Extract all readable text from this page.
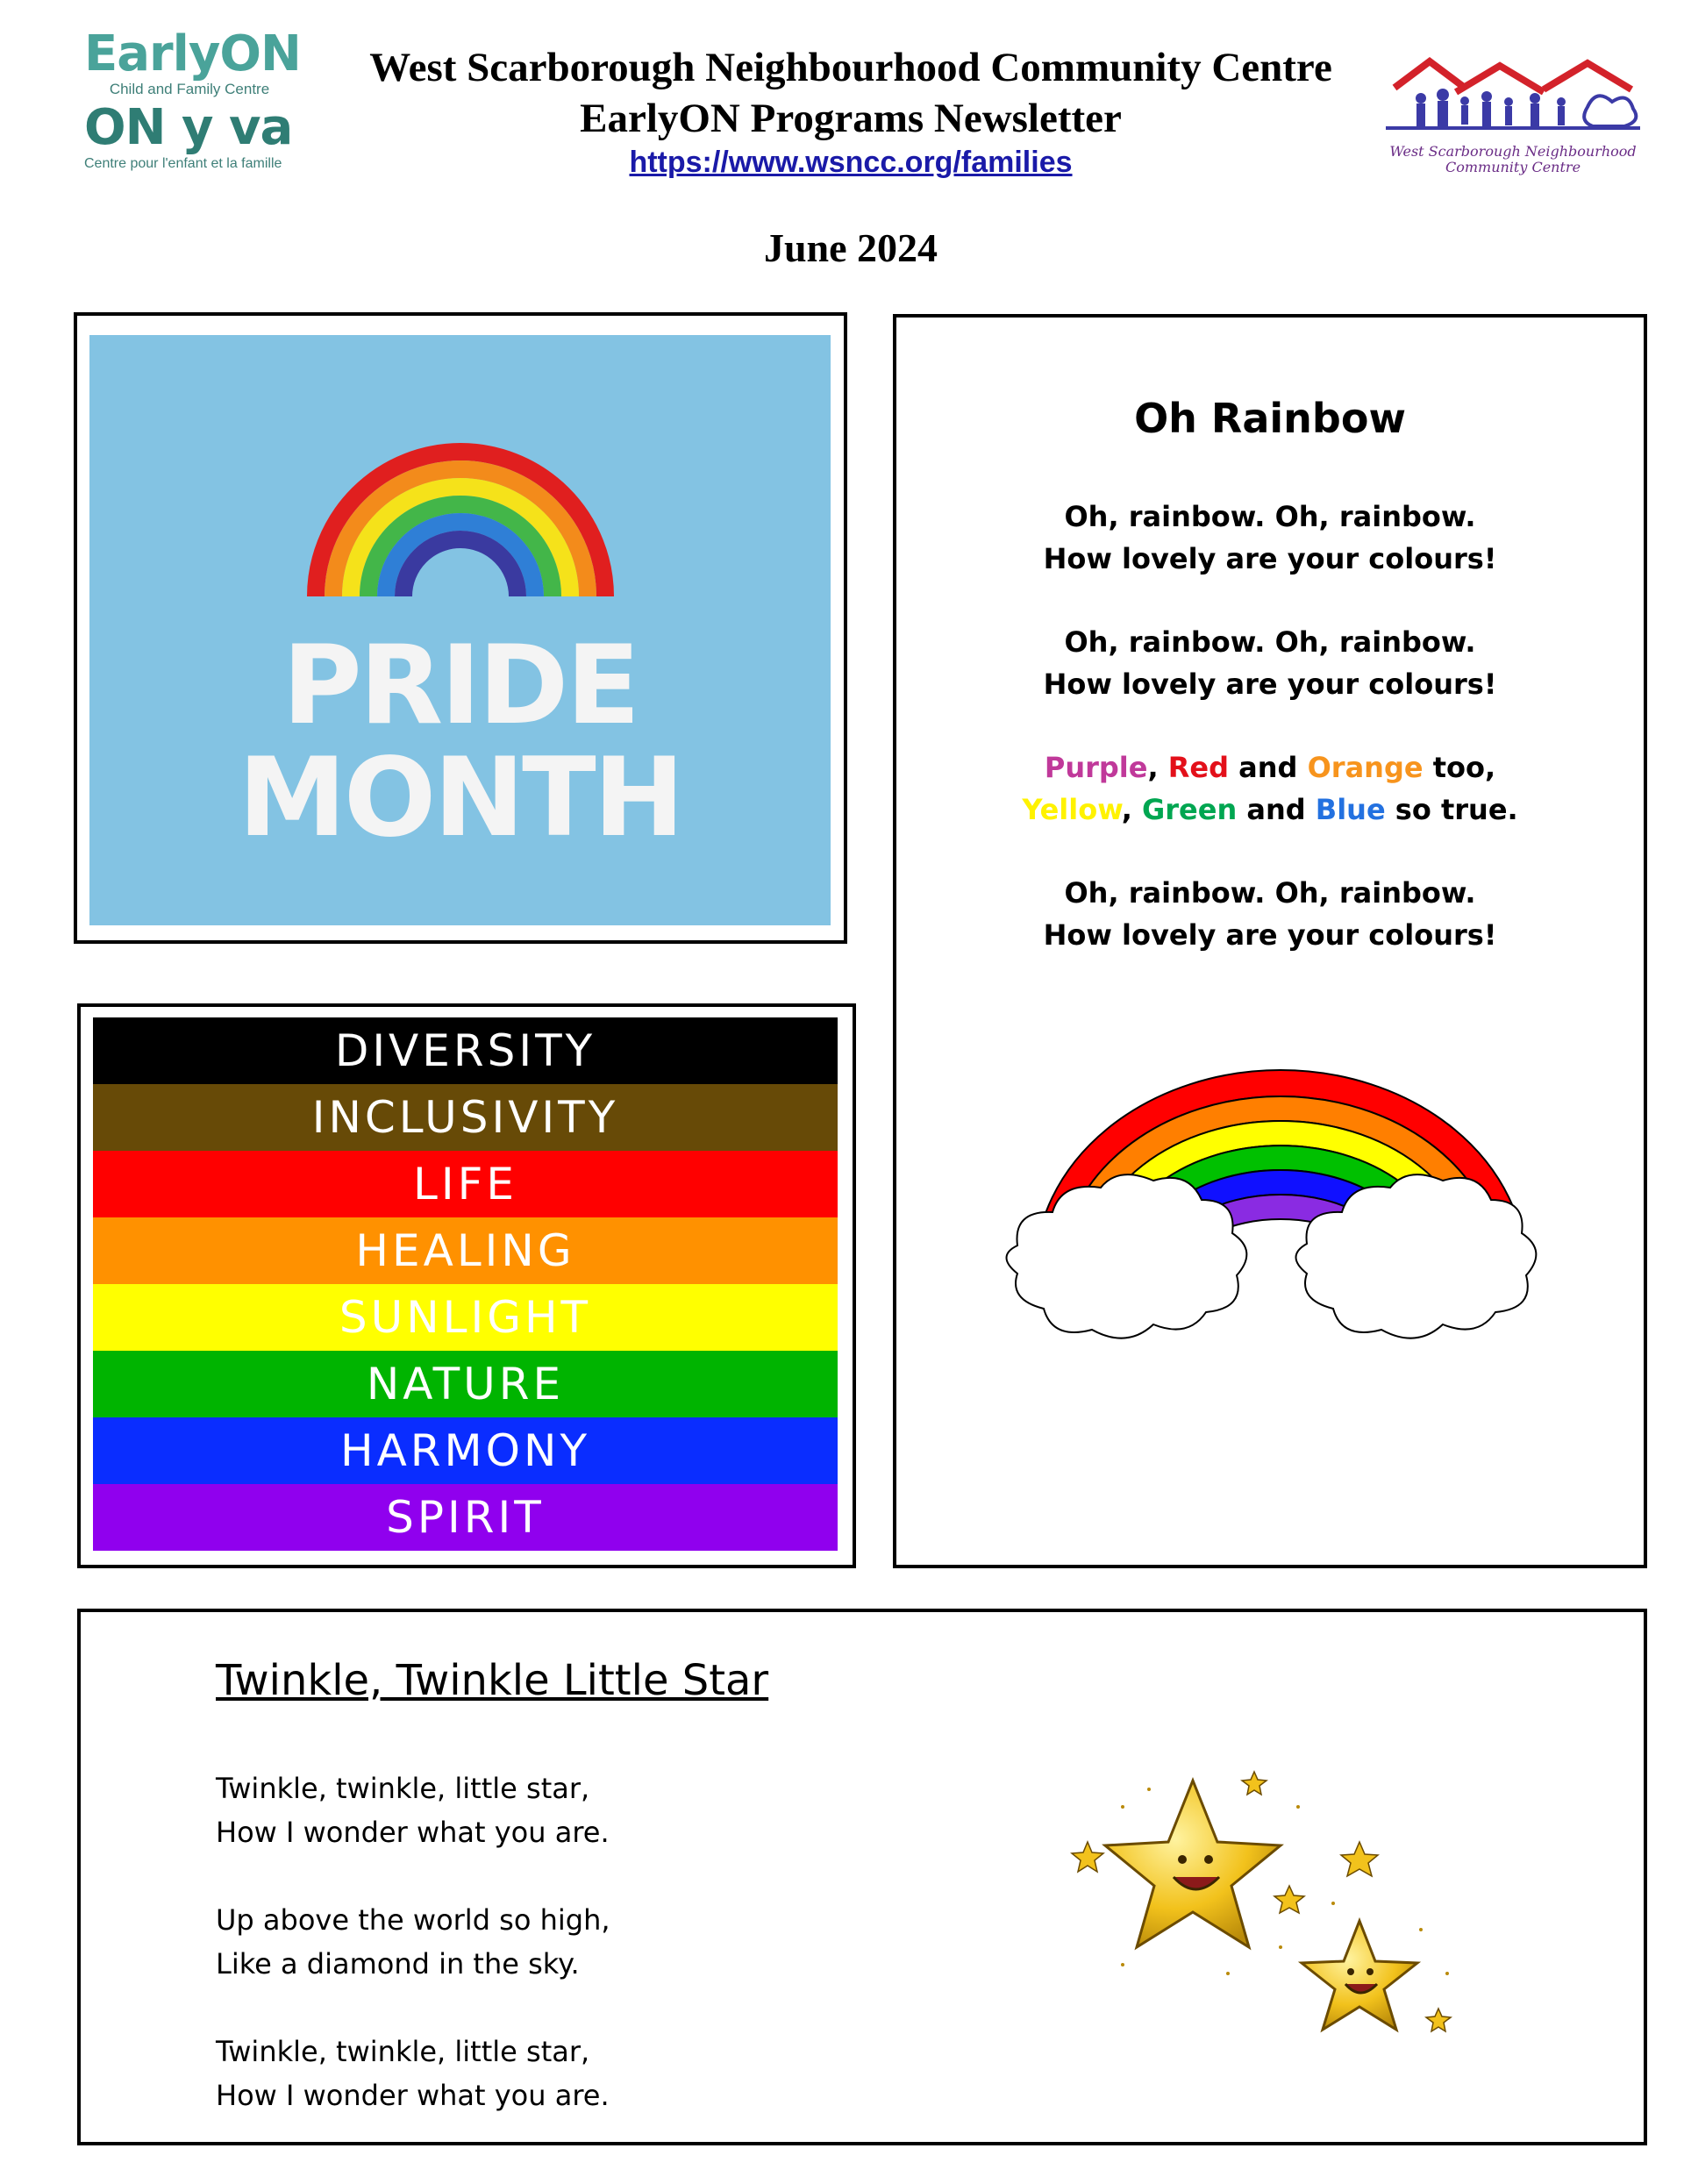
EarlyON
Child and Family Centre
ON y va
Centre pour l'enfant et la famille
West Scarborough Neighbourhood Community Centre
EarlyON Programs Newsletter
https://www.wsncc.org/families
June 2024
West Scarborough Neighbourhood
Community Centre
PRIDE
MONTH
DIVERSITY
INCLUSIVITY
LIFE
HEALING
SUNLIGHT
NATURE
HARMONY
SPIRIT
Oh Rainbow
Oh, rainbow. Oh, rainbow.
How lovely are your colours!
Oh, rainbow. Oh, rainbow.
How lovely are your colours!
Purple, Red and Orange too,
Yellow, Green and Blue so true.
Oh, rainbow. Oh, rainbow.
How lovely are your colours!
Twinkle, Twinkle Little Star
Twinkle, twinkle, little star,
How I wonder what you are.
Up above the world so high,
Like a diamond in the sky.
Twinkle, twinkle, little star,
How I wonder what you are.
